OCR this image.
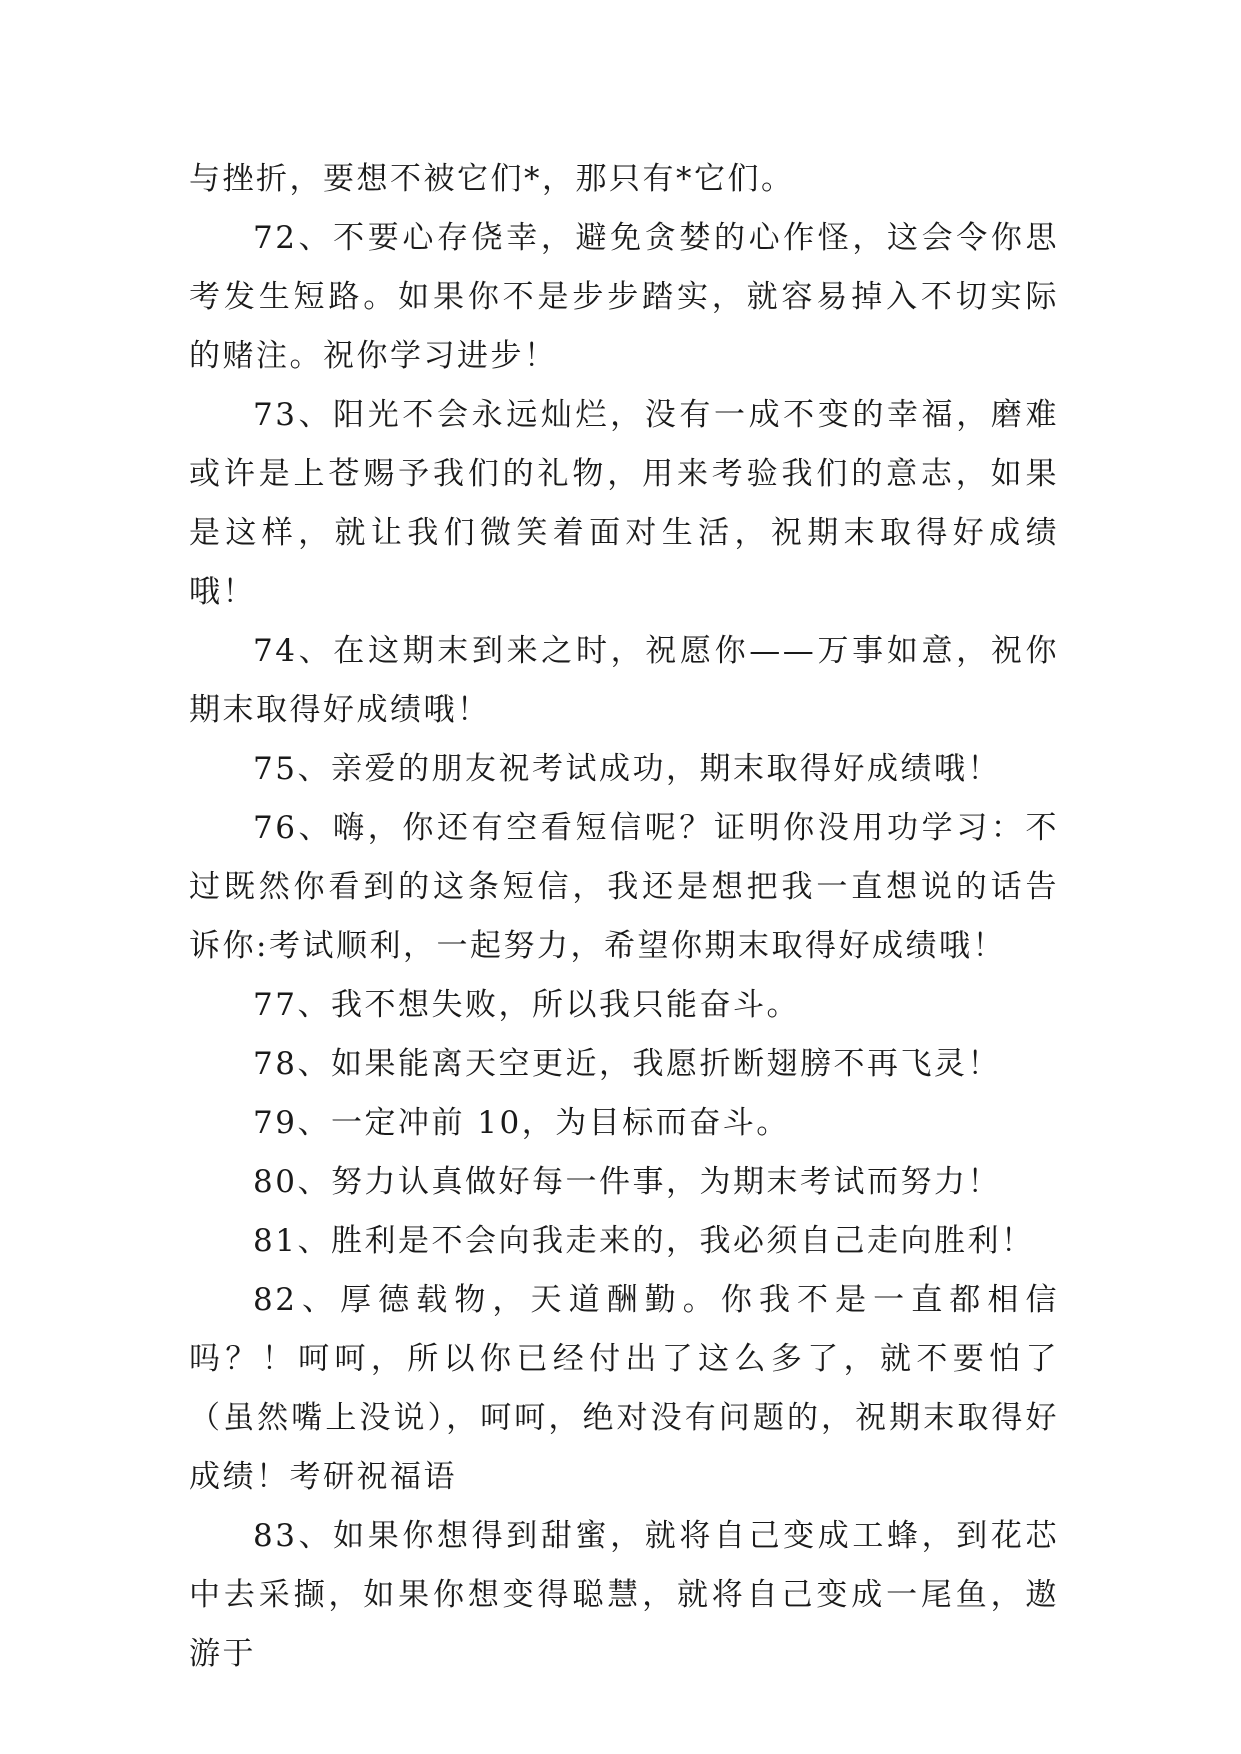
与挫折，要想不被它们*，那只有*它们。

72、不要心存侥幸，避免贪婪的心作怪，这会令你思考发生短路。如果你不是步步踏实，就容易掉入不切实际的赌注。祝你学习进步！

73、阳光不会永远灿烂，没有一成不变的幸福，磨难或许是上苍赐予我们的礼物，用来考验我们的意志，如果是这样，就让我们微笑着面对生活，祝期末取得好成绩哦！

74、在这期末到来之时，祝愿你——万事如意，祝你期末取得好成绩哦！

75、亲爱的朋友祝考试成功，期末取得好成绩哦！

76、嗨，你还有空看短信呢？证明你没用功学习：不过既然你看到的这条短信，我还是想把我一直想说的话告诉你:考试顺利，一起努力，希望你期末取得好成绩哦！

77、我不想失败，所以我只能奋斗。

78、如果能离天空更近，我愿折断翅膀不再飞灵！

79、一定冲前 10，为目标而奋斗。

80、努力认真做好每一件事，为期末考试而努力！

81、胜利是不会向我走来的，我必须自己走向胜利！

82、厚德载物，天道酬勤。你我不是一直都相信吗？！呵呵，所以你已经付出了这么多了，就不要怕了（虽然嘴上没说），呵呵，绝对没有问题的，祝期末取得好成绩！考研祝福语

83、如果你想得到甜蜜，就将自己变成工蜂，到花芯中去采撷，如果你想变得聪慧，就将自己变成一尾鱼，遨游于
